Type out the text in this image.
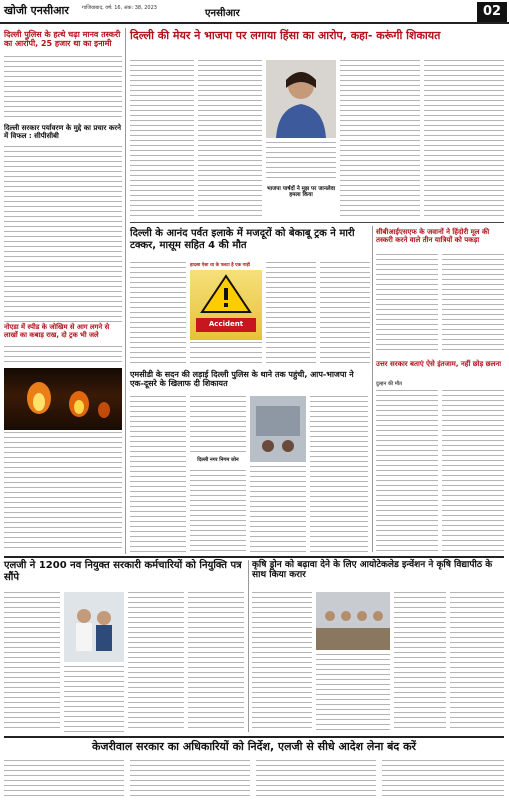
खोजी एनसीआर	गाजियाबाद, वर्ष: 16, अंक: 38, 2023	एनसीआर	02
दिल्ली पुलिस के हत्थे चढ़ा मानव तस्करी का आरोपी, 25 हजार था का इनामी
दिल्ली सरकार पर्यावरण के मुद्दे का प्रचार करने में विफल : सीपीसीबी
नोएडा में स्पीड के जोखिम से आग लगने से लाखों का कबाड़ राख, दो ट्रक भी जले
दिल्ली की मेयर ने भाजपा पर लगाया हिंसा का आरोप, कहा- करूंगी शिकायत
भाजपा पार्षदों ने मुझ पर जानलेवा हमला किया
दिल्ली के आनंद पर्वत इलाके में मजदूरों को बेकाबू ट्रक ने मारी टक्कर, मासूम सहित 4 की मौत
हादसा ऐसा था के पलटा है एक गाड़ी
Accident
सीबीआईएसएफ के जवानों ने हिंदोरी मूल की तस्करी करने वाले तीन यात्रियों को पकड़ा
उत्तर सरकार बताएं ऐसे इंतजाम, नहीं छोड़ छलना
दुल्हन की मौत
एमसीडी के सदन की लड़ाई दिल्ली पुलिस के थाने तक पहुंची, आप-भाजपा ने एक-दूसरे के खिलाफ दी शिकायत
दिल्ली नगर निगम जोन
एलजी ने 1200 नव नियुक्त सरकारी कर्मचारियों को नियुक्ति पत्र सौंपे
कृषि ड्रोन को बढ़ावा देने के लिए आयोटेकलेड इन्वेंशन ने कृषि विद्यापीठ के साथ किया करार
केजरीवाल सरकार का अधिकारियों को निर्देश, एलजी से सीधे आदेश लेना बंद करें
